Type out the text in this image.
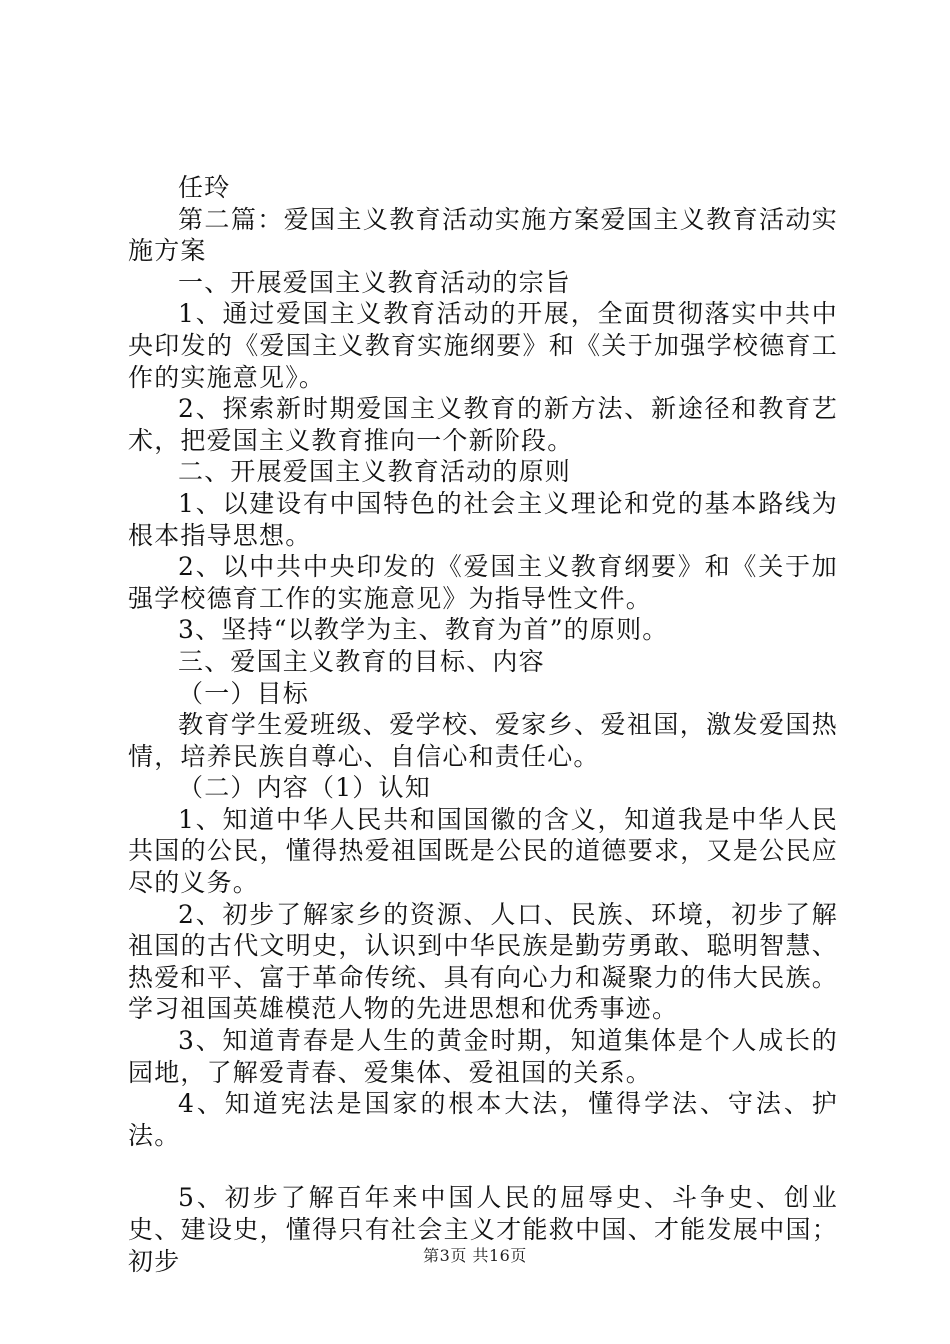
任玲

第二篇：爱国主义教育活动实施方案爱国主义教育活动实施方案

一、开展爱国主义教育活动的宗旨

1、通过爱国主义教育活动的开展，全面贯彻落实中共中央印发的《爱国主义教育实施纲要》和《关于加强学校德育工作的实施意见》。

2、探索新时期爱国主义教育的新方法、新途径和教育艺术，把爱国主义教育推向一个新阶段。

二、开展爱国主义教育活动的原则

1、以建设有中国特色的社会主义理论和党的基本路线为根本指导思想。

2、以中共中央印发的《爱国主义教育纲要》和《关于加强学校德育工作的实施意见》为指导性文件。

3、坚持“以教学为主、教育为首”的原则。

三、爱国主义教育的目标、内容

（一）目标

教育学生爱班级、爱学校、爱家乡、爱祖国，激发爱国热情，培养民族自尊心、自信心和责任心。

（二）内容（1）认知

1、知道中华人民共和国国徽的含义，知道我是中华人民共国的公民，懂得热爱祖国既是公民的道德要求，又是公民应尽的义务。

2、初步了解家乡的资源、人口、民族、环境，初步了解祖国的古代文明史，认识到中华民族是勤劳勇敢、聪明智慧、热爱和平、富于革命传统、具有向心力和凝聚力的伟大民族。学习祖国英雄模范人物的先进思想和优秀事迹。

3、知道青春是人生的黄金时期，知道集体是个人成长的园地，了解爱青春、爱集体、爱祖国的关系。

4、知道宪法是国家的根本大法，懂得学法、守法、护法。

5、初步了解百年来中国人民的屈辱史、斗争史、创业史、建设史，懂得只有社会主义才能救中国、才能发展中国；初步	第3页 共16页
